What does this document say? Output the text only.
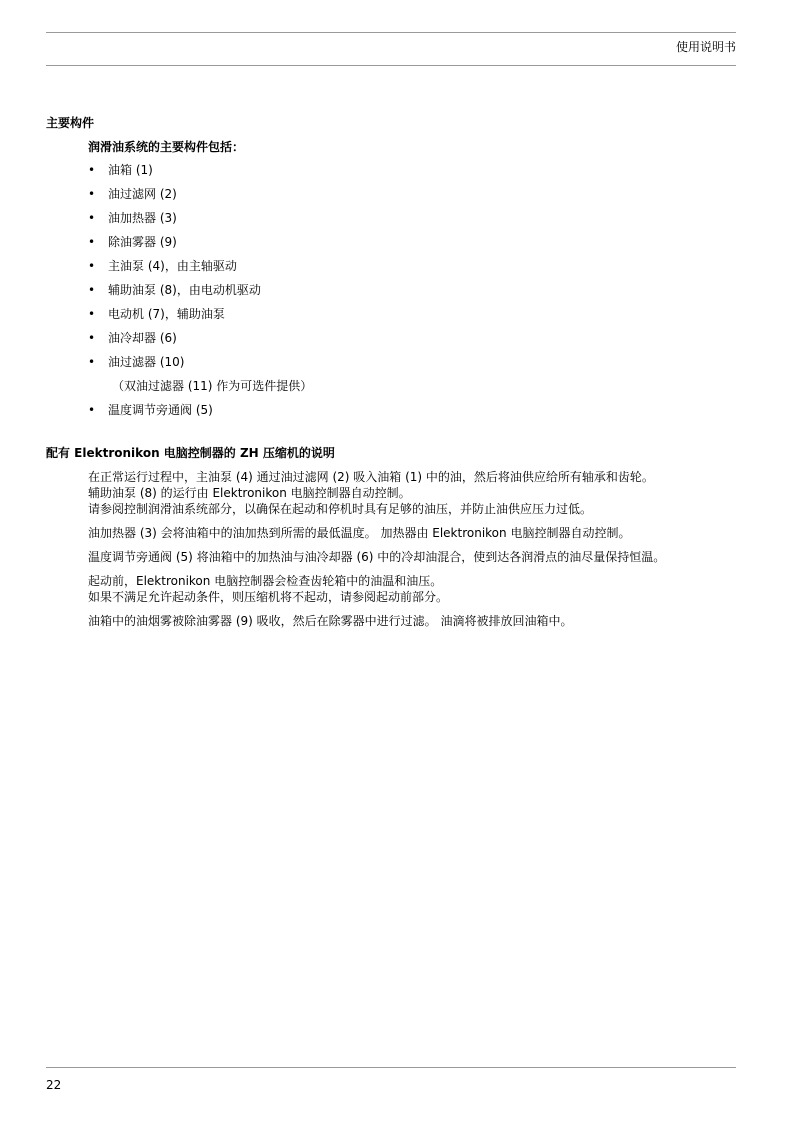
使用说明书
主要构件
润滑油系统的主要构件包括：
•	油箱 (1)
•	油过滤网 (2)
•	油加热器 (3)
•	除油雾器 (9)
•	主油泵 (4)，由主轴驱动
•	辅助油泵 (8)，由电动机驱动
•	电动机 (7)，辅助油泵
•	油冷却器 (6)
•	油过滤器 (10)
（双油过滤器 (11) 作为可选件提供）
•	温度调节旁通阀 (5)
配有 Elektronikon 电脑控制器的 ZH 压缩机的说明

在正常运行过程中，主油泵 (4) 通过油过滤网 (2) 吸入油箱 (1) 中的油，然后将油供应给所有轴承和齿轮。
辅助油泵 (8) 的运行由 Elektronikon 电脑控制器自动控制。
请参阅控制润滑油系统部分，以确保在起动和停机时具有足够的油压，并防止油供应压力过低。

油加热器 (3) 会将油箱中的油加热到所需的最低温度。 加热器由 Elektronikon 电脑控制器自动控制。

温度调节旁通阀 (5) 将油箱中的加热油与油冷却器 (6) 中的冷却油混合，使到达各润滑点的油尽量保持恒温。

起动前，Elektronikon 电脑控制器会检查齿轮箱中的油温和油压。
如果不满足允许起动条件，则压缩机将不起动，请参阅起动前部分。

油箱中的油烟雾被除油雾器 (9) 吸收，然后在除雾器中进行过滤。 油滴将被排放回油箱中。

22
